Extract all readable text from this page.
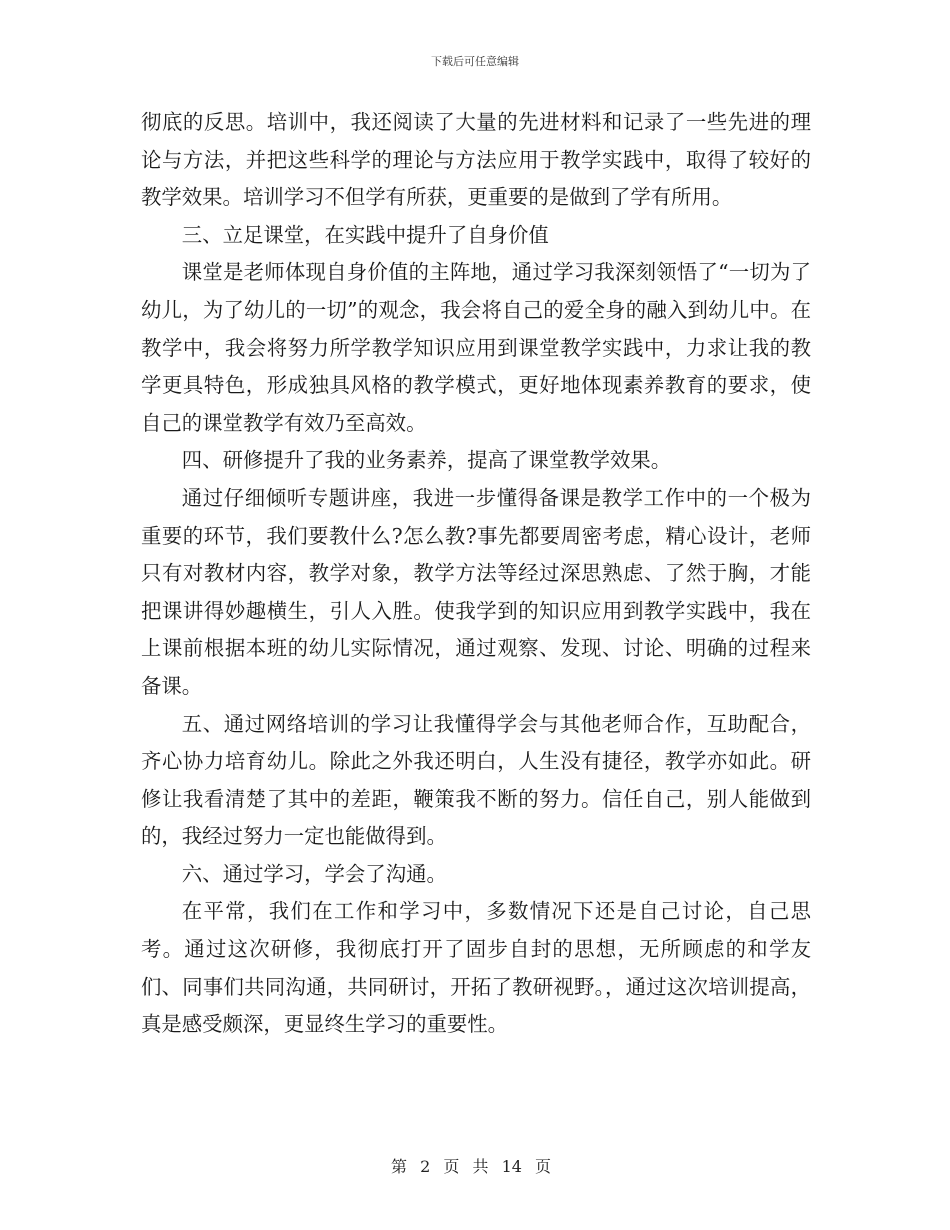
下载后可任意编辑

彻底的反思。培训中，我还阅读了大量的先进材料和记录了一些先进的理论与方法，并把这些科学的理论与方法应用于教学实践中，取得了较好的教学效果。培训学习不但学有所获，更重要的是做到了学有所用。

三、立足课堂，在实践中提升了自身价值

课堂是老师体现自身价值的主阵地，通过学习我深刻领悟了“一切为了幼儿，为了幼儿的一切”的观念，我会将自己的爱全身的融入到幼儿中。在教学中，我会将努力所学教学知识应用到课堂教学实践中，力求让我的教学更具特色，形成独具风格的教学模式，更好地体现素养教育的要求，使自己的课堂教学有效乃至高效。

四、研修提升了我的业务素养，提高了课堂教学效果。

通过仔细倾听专题讲座，我进一步懂得备课是教学工作中的一个极为重要的环节，我们要教什么?怎么教?事先都要周密考虑，精心设计，老师只有对教材内容，教学对象，教学方法等经过深思熟虑、了然于胸，才能把课讲得妙趣横生，引人入胜。使我学到的知识应用到教学实践中，我在上课前根据本班的幼儿实际情况，通过观察、发现、讨论、明确的过程来备课。

五、通过网络培训的学习让我懂得学会与其他老师合作，互助配合，齐心协力培育幼儿。除此之外我还明白，人生没有捷径，教学亦如此。研修让我看清楚了其中的差距，鞭策我不断的努力。信任自己，别人能做到的，我经过努力一定也能做得到。

六、通过学习，学会了沟通。

在平常，我们在工作和学习中，多数情况下还是自己讨论，自己思考。通过这次研修，我彻底打开了固步自封的思想，无所顾虑的和学友们、同事们共同沟通，共同研讨，开拓了教研视野。，通过这次培训提高，真是感受颇深，更显终生学习的重要性。

第 2 页 共 14 页
